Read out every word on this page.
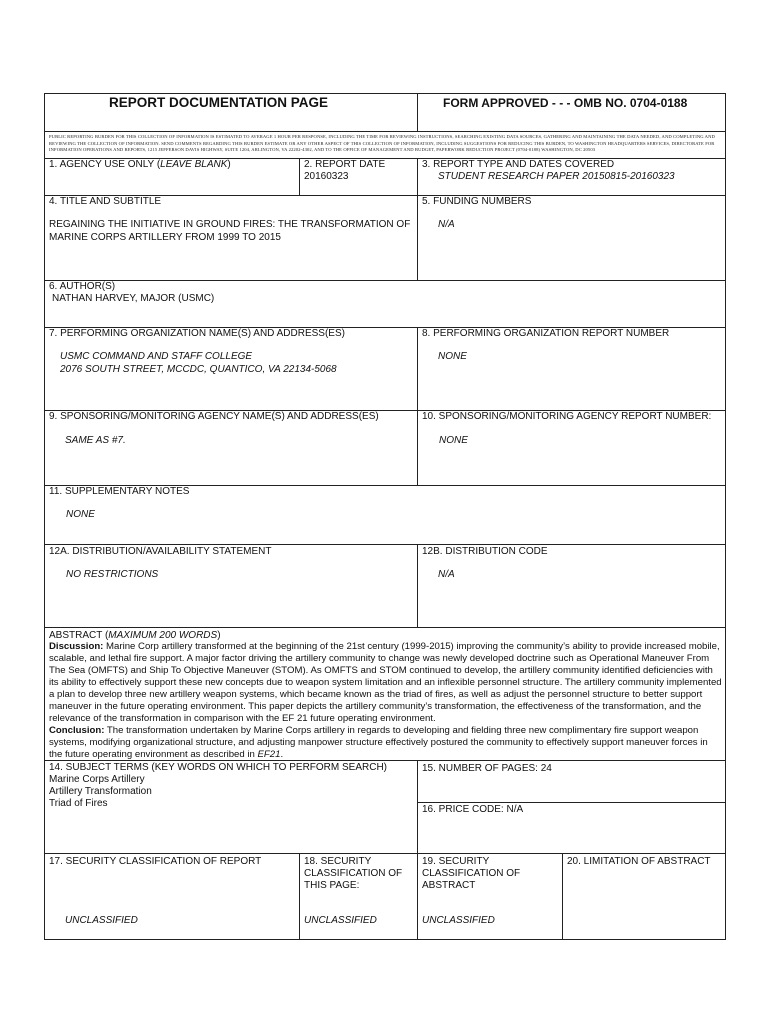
REPORT DOCUMENTATION PAGE	FORM APPROVED - - - OMB NO. 0704-0188
PUBLIC REPORTING BURDEN FOR THIS COLLECTION OF INFORMATION IS ESTIMATED TO AVERAGE 1 HOUR PER RESPONSE, INCLUDING THE TIME FOR REVIEWING INSTRUCTIONS, SEARCHING EXISTING DATA SOURCES, GATHERING AND MAINTAINING THE DATA NEEDED, AND COMPLETING AND REVIEWING THE COLLECTION OF INFORMATION. SEND COMMENTS REGARDING THIS BURDEN ESTIMATE OR ANY OTHER ASPECT OF THIS COLLECTION OF INFORMATION, INCLUDING SUGGESTIONS FOR REDUCING THIS BURDEN, TO WASHINGTON HEADQUARTERS SERVICES, DIRECTORATE FOR INFORMATION OPERATIONS AND REPORTS, 1215 JEFFERSON DAVIS HIGHWAY, SUITE 1204, ARLINGTON, VA 22202-4302, AND TO THE OFFICE OF MANAGEMENT AND BUDGET, PAPERWORK REDUCTION PROJECT (0704-0188) WASHINGTON, DC 20503
1. AGENCY USE ONLY (LEAVE BLANK)	2. REPORT DATE
20160323
3. REPORT TYPE AND DATES COVERED
STUDENT RESEARCH PAPER 20150815-20160323
4. TITLE AND SUBTITLE
REGAINING THE INITIATIVE IN GROUND FIRES: THE TRANSFORMATION OF
MARINE CORPS ARTILLERY FROM 1999 TO 2015
5. FUNDING NUMBERS
N/A
6. AUTHOR(S)
NATHAN HARVEY, MAJOR (USMC)
7. PERFORMING ORGANIZATION NAME(S) AND ADDRESS(ES)
USMC COMMAND AND STAFF COLLEGE
2076 SOUTH STREET, MCCDC, QUANTICO, VA 22134-5068
8. PERFORMING ORGANIZATION REPORT NUMBER
NONE
9. SPONSORING/MONITORING AGENCY NAME(S) AND ADDRESS(ES)
SAME AS #7.
10. SPONSORING/MONITORING AGENCY REPORT NUMBER:
NONE
11. SUPPLEMENTARY NOTES
NONE
12A. DISTRIBUTION/AVAILABILITY STATEMENT
NO RESTRICTIONS
12B. DISTRIBUTION CODE
N/A
ABSTRACT (MAXIMUM 200 WORDS)

Discussion: Marine Corp artillery transformed at the beginning of the 21st century (1999-2015) improving the community’s ability to provide increased mobile, scalable, and lethal fire support. A major factor driving the artillery community to change was newly developed doctrine such as Operational Maneuver From The Sea (OMFTS) and Ship To Objective Maneuver (STOM). As OMFTS and STOM continued to develop, the artillery community identified deficiencies with its ability to effectively support these new concepts due to weapon system limitation and an inflexible personnel structure. The artillery community implemented a plan to develop three new artillery weapon systems, which became known as the triad of fires, as well as adjust the personnel structure to better support maneuver in the future operating environment. This paper depicts the artillery community’s transformation, the effectiveness of the transformation, and the relevance of the transformation in comparison with the EF 21 future operating environment.

Conclusion: The transformation undertaken by Marine Corps artillery in regards to developing and fielding three new complimentary fire support weapon systems, modifying organizational structure, and adjusting manpower structure effectively postured the community to effectively support maneuver forces in the future operating environment as described in EF21.

14. SUBJECT TERMS (KEY WORDS ON WHICH TO PERFORM SEARCH)
Marine Corps Artillery
Artillery Transformation
Triad of Fires
15. NUMBER OF PAGES: 24
16. PRICE CODE: N/A
17. SECURITY CLASSIFICATION OF REPORT
UNCLASSIFIED
18. SECURITY
CLASSIFICATION OF
THIS PAGE:
UNCLASSIFIED
19. SECURITY
CLASSIFICATION OF
ABSTRACT
UNCLASSIFIED
20. LIMITATION OF ABSTRACT
